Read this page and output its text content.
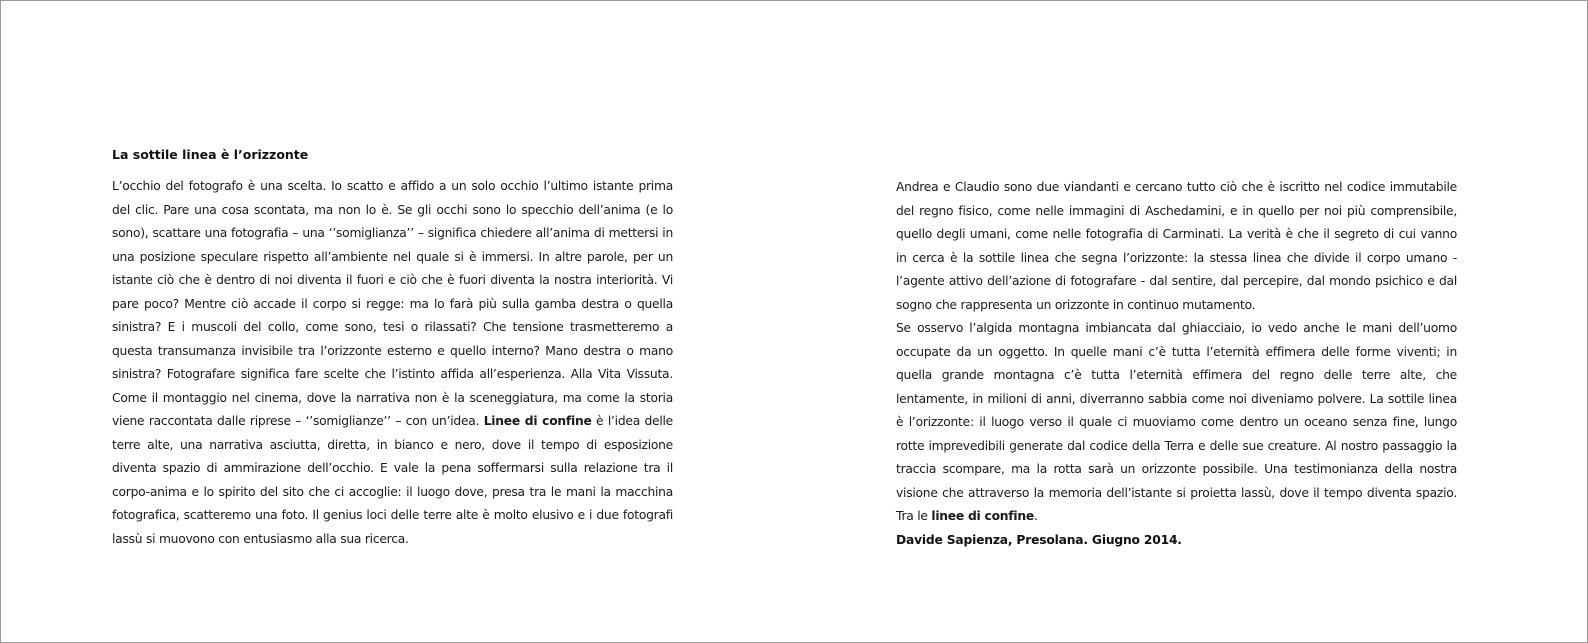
La sottile linea è l’orizzonte

L’occhio del fotografo è una scelta. Io scatto e affido a un solo occhio l’ultimo istante prima del clic. Pare una cosa scontata, ma non lo è. Se gli occhi sono lo specchio dell’anima (e lo sono), scattare una fotografia – una ‘’somiglianza’’ – significa chiedere all’anima di mettersi in una posizione speculare rispetto all’ambiente nel quale si è immersi. In altre parole, per un istante ciò che è dentro di noi diventa il fuori e ciò che è fuori diventa la nostra interiorità. Vi pare poco? Mentre ciò accade il corpo si regge: ma lo farà più sulla gamba destra o quella sinistra? E i muscoli del collo, come sono, tesi o rilassati? Che tensione trasmetteremo a questa transumanza invisibile tra l’orizzonte esterno e quello interno? Mano destra o mano sinistra? Fotografare significa fare scelte che l’istinto affida all’esperienza. Alla Vita Vissuta. Come il montaggio nel cinema, dove la narrativa non è la sceneggiatura, ma come la storia viene raccontata dalle riprese – ‘’somiglianze’’ – con un’idea. Linee di confine è l’idea delle terre alte, una narrativa asciutta, diretta, in bianco e nero, dove il tempo di esposizione diventa spazio di ammirazione dell’occhio. E vale la pena soffermarsi sulla relazione tra il corpo-anima e lo spirito del sito che ci accoglie: il luogo dove, presa tra le mani la macchina fotografica, scatteremo una foto. Il genius loci delle terre alte è molto elusivo e i due fotografi lassù si muovono con entusiasmo alla sua ricerca.

Andrea e Claudio sono due viandanti e cercano tutto ciò che è iscritto nel codice immutabile del regno fisico, come nelle immagini di Aschedamini, e in quello per noi più comprensibile, quello degli umani, come nelle fotografia di Carminati. La verità è che il segreto di cui vanno in cerca è la sottile linea che segna l’orizzonte: la stessa linea che divide il corpo umano - l’agente attivo dell’azione di fotografare - dal sentire, dal percepire, dal mondo psichico e dal sogno che rappresenta un orizzonte in continuo mutamento.

Se osservo l’algida montagna imbiancata dal ghiacciaio, io vedo anche le mani dell’uomo occupate da un oggetto. In quelle mani c’è tutta l’eternità effimera delle forme viventi; in quella grande montagna c’è tutta l’eternità effimera del regno delle terre alte, che lentamente, in milioni di anni, diverranno sabbia come noi diveniamo polvere. La sottile linea è l’orizzonte: il luogo verso il quale ci muoviamo come dentro un oceano senza fine, lungo rotte imprevedibili generate dal codice della Terra e delle sue creature. Al nostro passaggio la traccia scompare, ma la rotta sarà un orizzonte possibile. Una testimonianza della nostra visione che attraverso la memoria dell’istante si proietta lassù, dove il tempo diventa spazio. Tra le linee di confine.

Davide Sapienza, Presolana. Giugno 2014.
